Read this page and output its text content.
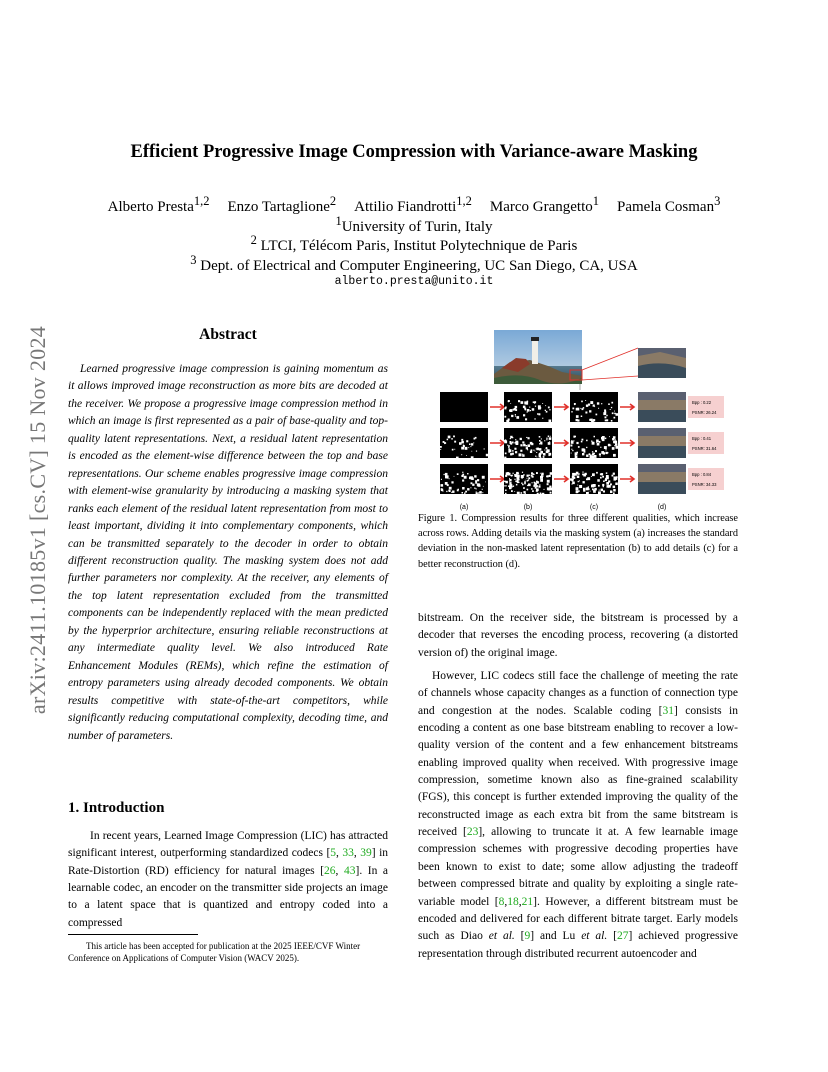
arXiv:2411.10185v1 [cs.CV] 15 Nov 2024
Efficient Progressive Image Compression with Variance-aware Masking
Alberto Presta$^{1,2}$ Enzo Tartaglione$^2$ Attilio Fiandrotti$^{1,2}$ Marco Grangetto$^1$ Pamela Cosman$^3$
$^1$University of Turin, Italy
$^2$ LTCI, Télécom Paris, Institut Polytechnique de Paris
$^3$ Dept. of Electrical and Computer Engineering, UC San Diego, CA, USA
alberto.presta@unito.it
Abstract
Learned progressive image compression is gaining momentum as it allows improved image reconstruction as more bits are decoded at the receiver. We propose a progressive image compression method in which an image is first represented as a pair of base-quality and top-quality latent representations. Next, a residual latent representation is encoded as the element-wise difference between the top and base representations. Our scheme enables progressive image compression with element-wise granularity by introducing a masking system that ranks each element of the residual latent representation from most to least important, dividing it into complementary components, which can be transmitted separately to the decoder in order to obtain different reconstruction quality. The masking system does not add further parameters nor complexity. At the receiver, any elements of the top latent representation excluded from the transmitted components can be independently replaced with the mean predicted by the hyperprior architecture, ensuring reliable reconstructions at any intermediate quality level. We also introduced Rate Enhancement Modules (REMs), which refine the estimation of entropy parameters using already decoded components. We obtain results competitive with state-of-the-art competitors, while significantly reducing computational complexity, decoding time, and number of parameters.
1. Introduction
In recent years, Learned Image Compression (LIC) has attracted significant interest, outperforming standardized codecs [5, 33, 39] in Rate-Distortion (RD) efficiency for natural images [26, 43]. In a learnable codec, an encoder on the transmitter side projects an image to a latent space that is quantized and entropy coded into a compressed
This article has been accepted for publication at the 2025 IEEE/CVF Winter Conference on Applications of Computer Vision (WACV 2025).
Bpp : 0.22
PSNR: 26.24
Bpp : 0.41
PSNR: 31.64
Bpp : 0.84
PSNR: 34.33
(a)	(b)	(c)	(d)
Figure 1. Compression results for three different qualities, which increase across rows. Adding details via the masking system (a) increases the standard deviation in the non-masked latent representation (b) to add details (c) for a better reconstruction (d).

bitstream. On the receiver side, the bitstream is processed by a decoder that reverses the encoding process, recovering (a distorted version of) the original image.

However, LIC codecs still face the challenge of meeting the rate of channels whose capacity changes as a function of connection type and congestion at the nodes. Scalable coding [31] consists in encoding a content as one base bitstream enabling to recover a low-quality version of the content and a few enhancement bitstreams enabling improved quality when received. With progressive image compression, sometime known also as fine-grained scalability (FGS), this concept is further extended improving the quality of the reconstructed image as each extra bit from the same bitstream is received [23], allowing to truncate it at. A few learnable image compression schemes with progressive decoding properties have been known to exist to date; some allow adjusting the tradeoff between compressed bitrate and quality by exploiting a single rate-variable model [8,18,21]. However, a different bitstream must be encoded and delivered for each different bitrate target. Early models such as Diao et al. [9] and Lu et al. [27] achieved progressive representation through distributed recurrent autoencoder and
